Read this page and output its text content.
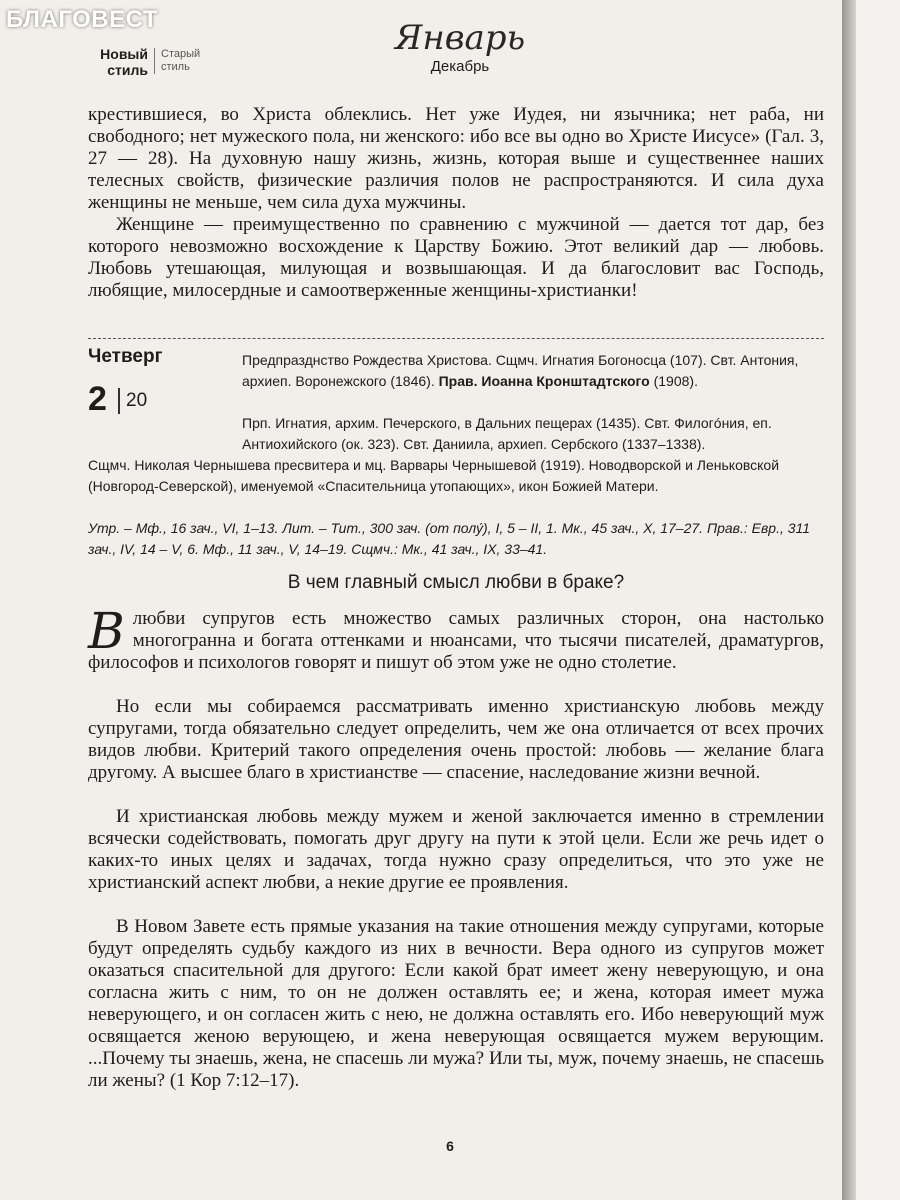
Новый стиль
Старый стиль
Январь
Декабрь

крестившиеся, во Христа облеклись. Нет уже Иудея, ни язычника; нет раба, ни свободного; нет мужеского пола, ни женского: ибо все вы одно во Христе Иисусе» (Гал. 3, 27 — 28). На духовную нашу жизнь, жизнь, которая выше и существеннее наших телесных свойств, физические различия полов не распространяются. И сила духа женщины не меньше, чем сила духа мужчины.

Женщине — преимущественно по сравнению с мужчиной — дается тот дар, без которого невозможно восхождение к Царству Божию. Этот великий дар — любовь. Любовь утешающая, милующая и возвышающая. И да благословит вас Господь, любящие, милосердные и самоотверженные женщины-христианки!

Четверг
2 20
Предпразднство Рождества Христова. Сщмч. Игнатия Богоносца (107). Свт. Антония, архиеп. Воронежского (1846). Прав. Иоанна Кронштадтского (1908).

Прп. Игнатия, архим. Печерского, в Дальних пещерах (1435). Свт. Филогóния, еп. Антиохийского (ок. 323). Свт. Даниила, архиеп. Сербского (1337–1338).

Сщмч. Николая Чернышева пресвитера и мц. Варвары Чернышевой (1919). Новодворской и Леньковской (Новгород-Северской), именуемой «Спасительница утопающих», икон Божией Матери.

Утр. – Мф., 16 зач., VI, 1–13. Лит. – Тит., 300 зач. (от полу́), I, 5 – II, 1. Мк., 45 зач., X, 17–27. Прав.: Евр., 311 зач., IV, 14 – V, 6. Мф., 11 зач., V, 14–19. Сщмч.: Мк., 41 зач., IX, 33–41.

В чем главный смысл любви в браке?
Влюбви супругов есть множество самых различных сторон, она настолько многогранна и богата оттенками и нюансами, что тысячи писателей, драматургов, философов и психологов говорят и пишут об этом уже не одно столетие.

Но если мы собираемся рассматривать именно христианскую любовь между супругами, тогда обязательно следует определить, чем же она отличается от всех прочих видов любви. Критерий такого определения очень простой: любовь — желание блага другому. А высшее благо в христианстве — спасение, наследование жизни вечной.

И христианская любовь между мужем и женой заключается именно в стремлении всячески содействовать, помогать друг другу на пути к этой цели. Если же речь идет о каких-то иных целях и задачах, тогда нужно сразу определиться, что это уже не христианский аспект любви, а некие другие ее проявления.

В Новом Завете есть прямые указания на такие отношения между супругами, которые будут определять судьбу каждого из них в вечности. Вера одного из супругов может оказаться спасительной для другого: Если какой брат имеет жену неверующую, и она согласна жить с ним, то он не должен оставлять ее; и жена, которая имеет мужа неверующего, и он согласен жить с нею, не должна оставлять его. Ибо неверующий муж освящается женою верующею, и жена неверующая освящается мужем верующим. ...Почему ты знаешь, жена, не спасешь ли мужа? Или ты, муж, почему знаешь, не спасешь ли жены? (1 Кор 7:12–17).

6
БЛАГОВЕСТ
